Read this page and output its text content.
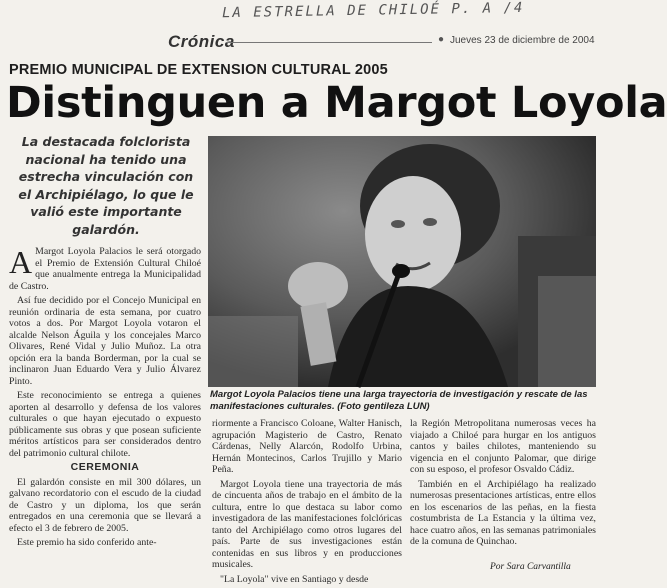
LA ESTRELLA DE CHILOÉ P. A /4
Crónica	● Jueves 23 de diciembre de 2004
PREMIO MUNICIPAL DE EXTENSION CULTURAL 2005
Distinguen a Margot Loyola
La destacada folclorista nacional ha tenido una estrecha vinculación con el Archipiélago, lo que le valió este importante galardón.
Margot Loyola Palacios tiene una larga trayectoria de investigación y rescate de las manifestaciones culturales. (Foto gentileza LUN)

A Margot Loyola Palacios le será otorgado el Premio de Extensión Cultural Chiloé que anualmente entrega la Municipalidad de Castro.

Así fue decidido por el Concejo Municipal en reunión ordinaria de esta semana, por cuatro votos a dos. Por Margot Loyola votaron el alcalde Nelson Águila y los concejales Marco Olivares, René Vidal y Julio Muñoz. La otra opción era la banda Borderman, por la cual se inclinaron Juan Eduardo Vera y Julio Álvarez Pinto.

Este reconocimiento se entrega a quienes aporten al desarrollo y defensa de los valores culturales o que hayan ejecutado o expuesto públicamente sus obras y que posean suficiente méritos artísticos para ser considerados dentro del patrimonio cultural chilote.

CEREMONIA

El galardón consiste en mil 300 dólares, un galvano recordatorio con el escudo de la ciudad de Castro y un diploma, los que serán entregados en una ceremonia que se llevará a efecto el 3 de febrero de 2005.

Este premio ha sido conferido ante-

riormente a Francisco Coloane, Walter Hanisch, agrupación Magisterio de Castro, Renato Cárdenas, Nelly Alarcón, Rodolfo Urbina, Hernán Montecinos, Carlos Trujillo y Mario Peña.

Margot Loyola tiene una trayectoria de más de cincuenta años de trabajo en el ámbito de la cultura, entre lo que destaca su labor como investigadora de las manifestaciones folclóricas tanto del Archipiélago como otros lugares del país. Parte de sus investigaciones están contenidas en sus libros y en producciones musicales.

"La Loyola" vive en Santiago y desde

la Región Metropolitana numerosas veces ha viajado a Chiloé para hurgar en los antiguos cantos y bailes chilotes, manteniendo su vigencia en el conjunto Palomar, que dirige con su esposo, el profesor Osvaldo Cádiz.

También en el Archipiélago ha realizado numerosas presentaciones artísticas, entre ellos en los escenarios de las peñas, en la fiesta costumbrista de La Estancia y la última vez, hace cuatro años, en las semanas patrimoniales de la comuna de Quinchao.

Por Sara Carvantilla
